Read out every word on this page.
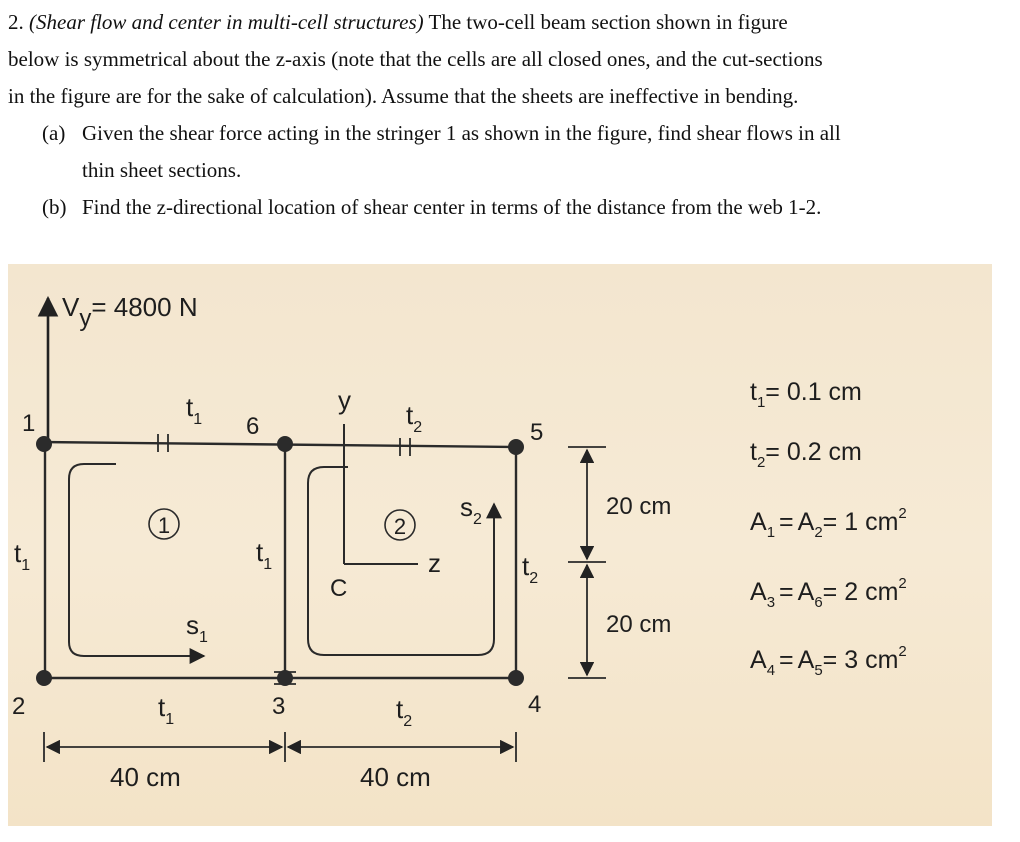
2. (Shear flow and center in multi-cell structures) The two-cell beam section shown in figure

below is symmetrical about the z-axis (note that the cells are all closed ones, and the cut-sections

in the figure are for the sake of calculation). Assume that the sheets are ineffective in bending.

(a) Given the shear force acting in the stringer 1 as shown in the figure, find shear flows in all

thin sheet sections.

(b) Find the z-directional location of shear center in terms of the distance from the web 1-2.

Vy= 4800 N
1	6	5
2	3	4
1	2
y
z
C
$t_1$	$t_2$
$t_1$	$t_1$	$t_2$
$t_1$	$t_2$
$s_1$
$s_2$	20 cm
20 cm
40 cm	40 cm
$t_1= 0.1$ cm
$t_2= 0.2$ cm
$A_1 = A_2= 1$ $cm^2$
$A_3 = A_6= 2$ $cm^2$
$A_4 = A_5= 3$ $cm^2$
